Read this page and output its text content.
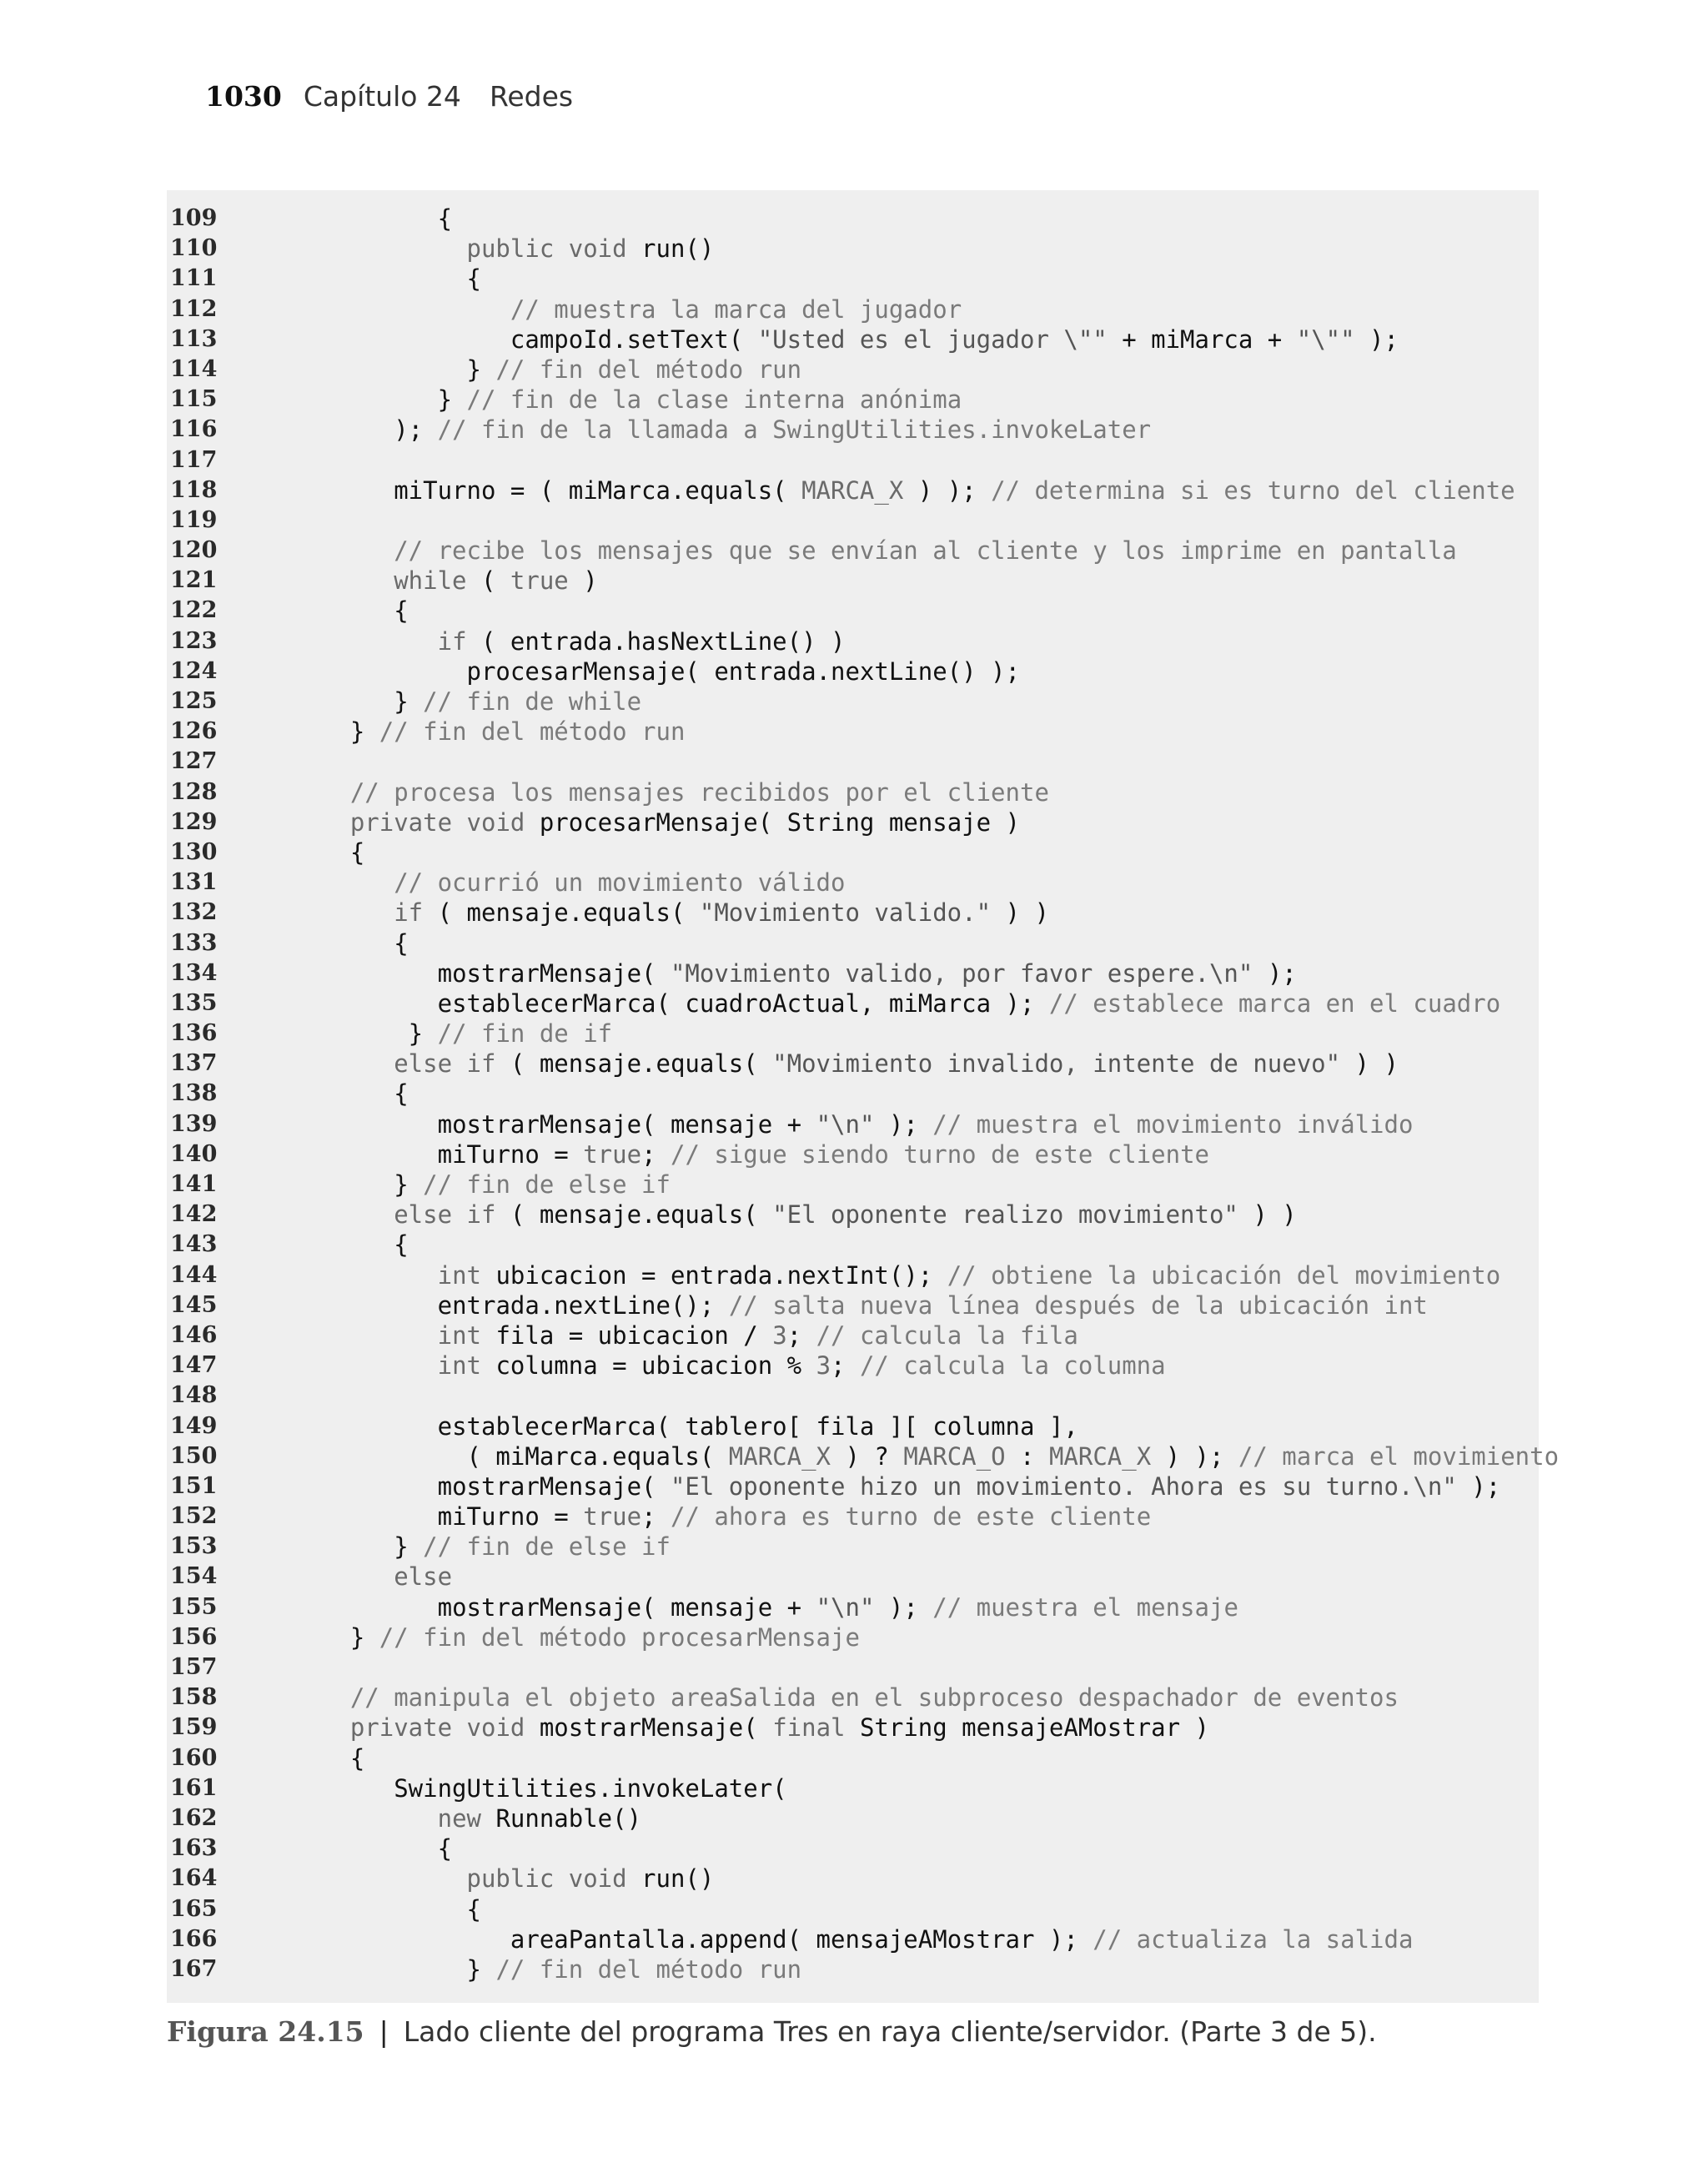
1030 Capítulo 24 Redes
109	{
110	public void run()
111	{
112	// muestra la marca del jugador
113	campoId.setText( "Usted es el jugador \"" + miMarca + "\"" );
114	} // fin del método run
115	} // fin de la clase interna anónima
116	); // fin de la llamada a SwingUtilities.invokeLater
117
118	miTurno = ( miMarca.equals( MARCA_X ) ); // determina si es turno del cliente
119
120	// recibe los mensajes que se envían al cliente y los imprime en pantalla
121	while ( true )
122	{
123	if ( entrada.hasNextLine() )
124	procesarMensaje( entrada.nextLine() );
125	} // fin de while
126	} // fin del método run
127
128	// procesa los mensajes recibidos por el cliente
129	private void procesarMensaje( String mensaje )
130	{
131	// ocurrió un movimiento válido
132	if ( mensaje.equals( "Movimiento valido." ) )
133	{
134	mostrarMensaje( "Movimiento valido, por favor espere.\n" );
135	establecerMarca( cuadroActual, miMarca ); // establece marca en el cuadro
136	} // fin de if
137	else if ( mensaje.equals( "Movimiento invalido, intente de nuevo" ) )
138	{
139	mostrarMensaje( mensaje + "\n" ); // muestra el movimiento inválido
140	miTurno = true; // sigue siendo turno de este cliente
141	} // fin de else if
142	else if ( mensaje.equals( "El oponente realizo movimiento" ) )
143	{
144	int ubicacion = entrada.nextInt(); // obtiene la ubicación del movimiento
145	entrada.nextLine(); // salta nueva línea después de la ubicación int
146	int fila = ubicacion / 3; // calcula la fila
147	int columna = ubicacion % 3; // calcula la columna
148
149	establecerMarca( tablero[ fila ][ columna ],
150	( miMarca.equals( MARCA_X ) ? MARCA_O : MARCA_X ) ); // marca el movimiento
151	mostrarMensaje( "El oponente hizo un movimiento. Ahora es su turno.\n" );
152	miTurno = true; // ahora es turno de este cliente
153	} // fin de else if
154	else
155	mostrarMensaje( mensaje + "\n" ); // muestra el mensaje
156	} // fin del método procesarMensaje
157
158	// manipula el objeto areaSalida en el subproceso despachador de eventos
159	private void mostrarMensaje( final String mensajeAMostrar )
160	{
161	SwingUtilities.invokeLater(
162	new Runnable()
163	{
164	public void run()
165	{
166	areaPantalla.append( mensajeAMostrar ); // actualiza la salida
167	} // fin del método run
Figura 24.15 | Lado cliente del programa Tres en raya cliente/servidor. (Parte 3 de 5).
